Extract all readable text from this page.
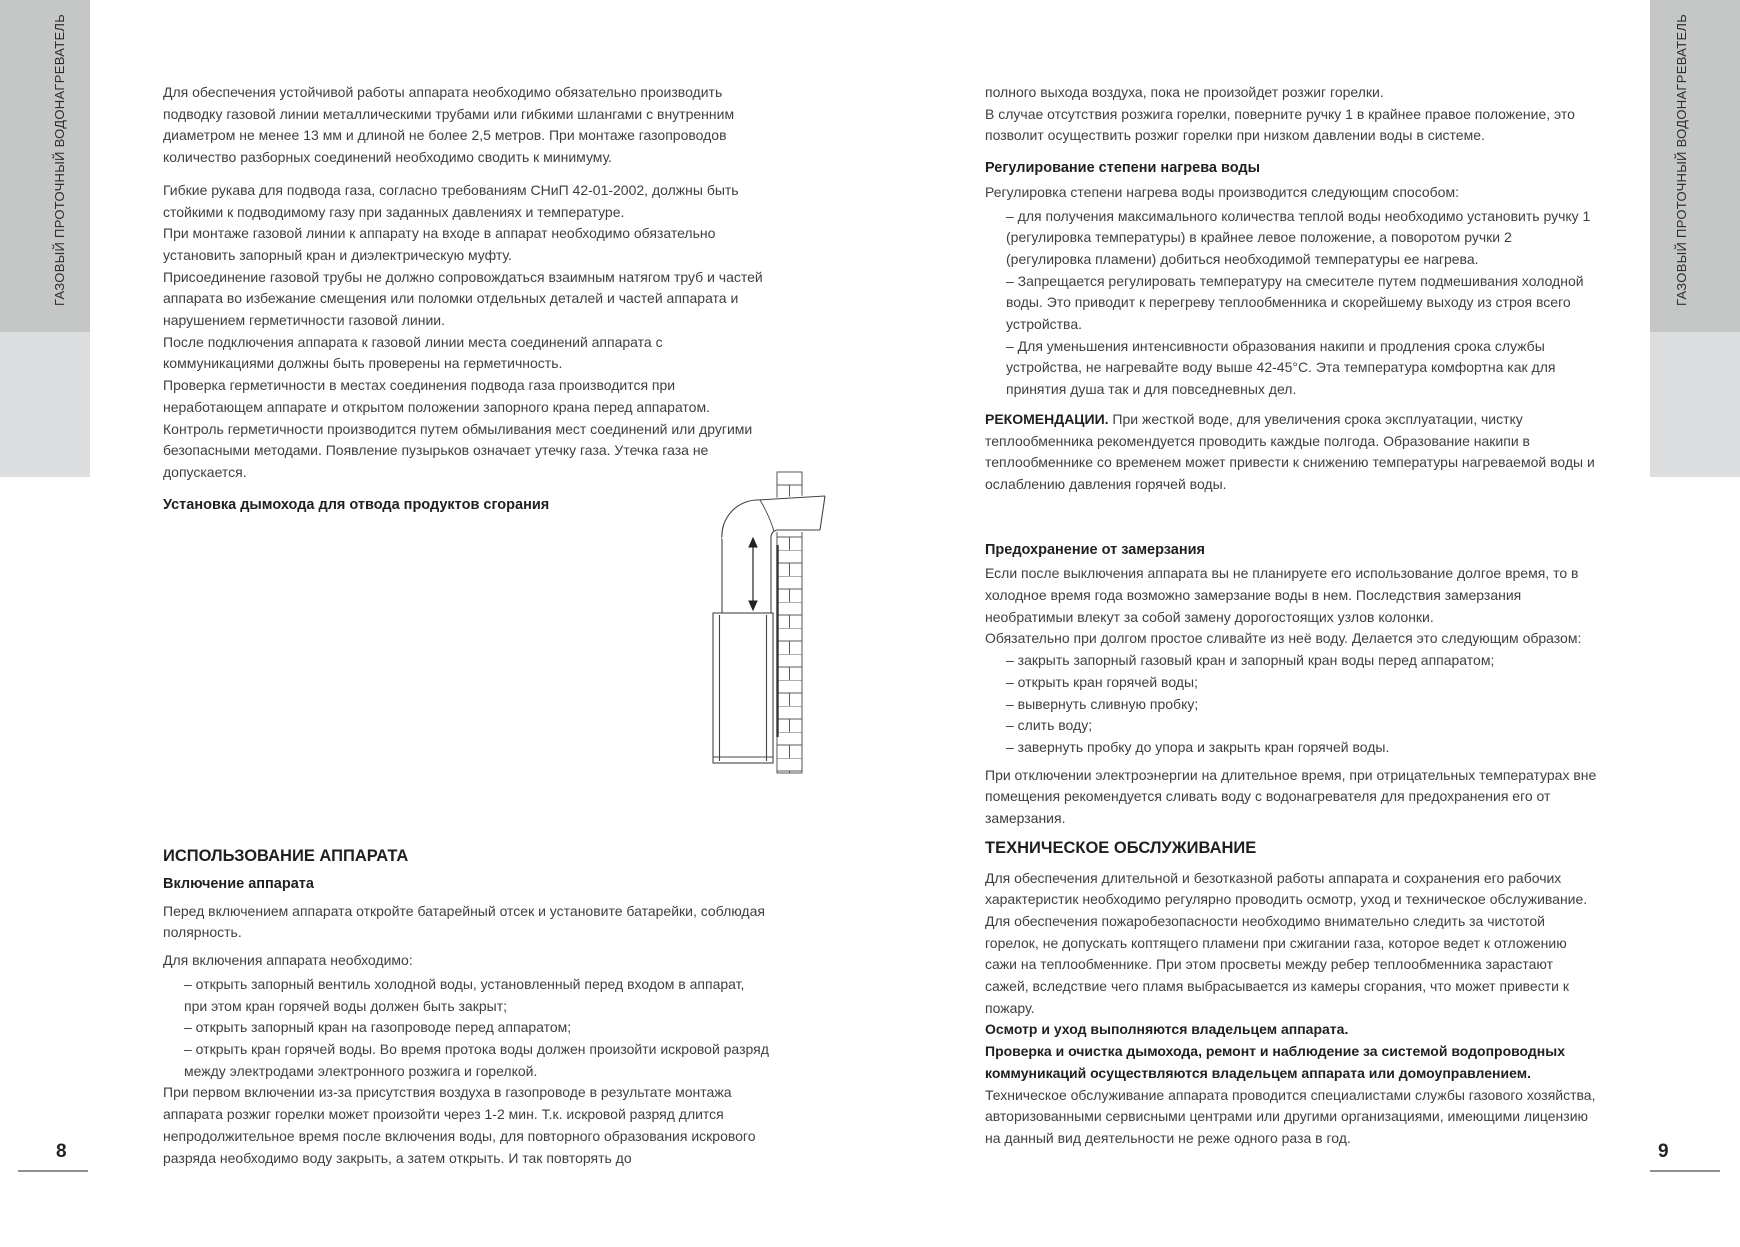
ГАЗОВЫЙ ПРОТОЧНЫЙ ВОДОНАГРЕВАТЕЛЬ	ГАЗОВЫЙ ПРОТОЧНЫЙ ВОДОНАГРЕВАТЕЛЬ

Для обеспечения устойчивой работы аппарата необходимо обязательно производить подводку газовой линии металлическими трубами или гибкими шлангами с внутренним диаметром не менее 13 мм и длиной не более 2,5 метров. При монтаже газопроводов количество разборных соединений необходимо сводить к минимуму.

Гибкие рукава для подвода газа, согласно требованиям СНиП 42-01-2002, должны быть стойкими к подводимому газу при заданных давлениях и температуре.
При монтаже газовой линии к аппарату на входе в аппарат необходимо обязательно установить запорный кран и диэлектрическую муфту.
Присоединение газовой трубы не должно сопровождаться взаимным натягом труб и частей аппарата во избежание смещения или поломки отдельных деталей и частей аппарата и нарушением герметичности газовой линии.
После подключения аппарата к газовой линии места соединений аппарата с коммуникациями должны быть проверены на герметичность.
Проверка герметичности в местах соединения подвода газа производится при неработающем аппарате и открытом положении запорного крана перед аппаратом.
Контроль герметичности производится путем обмыливания мест соединений или другими безопасными методами. Появление пузырьков означает утечку газа. Утечка газа не допускается.
Установка дымохода для отвода продуктов сгорания
ИСПОЛЬЗОВАНИЕ АППАРАТА
Включение аппарата

Перед включением аппарата откройте батарейный отсек и установите батарейки, соблюдая полярность.

Для включения аппарата необходимо:
– открыть запорный вентиль холодной воды, установленный перед входом в аппарат, при этом кран горячей воды должен быть закрыт;
– открыть запорный кран на газопроводе перед аппаратом;
– открыть кран горячей воды. Во время протока воды должен произойти искровой разряд между электродами электронного розжига и горелкой.
При первом включении из-за присутствия воздуха в газопроводе в результате монтажа аппарата розжиг горелки может произойти через 1-2 мин. Т.к. искровой разряд длится непродолжительное время после включения воды, для повторного образования искрового разряда необходимо воду закрыть, а затем открыть. И так повторять до
полного выхода воздуха, пока не произойдет розжиг горелки.
В случае отсутствия розжига горелки, поверните ручку 1 в крайнее правое положение, это позволит осуществить розжиг горелки при низком давлении воды в системе.
Регулирование степени нагрева воды
Регулировка степени нагрева воды производится следующим способом:
– для получения максимального количества теплой воды необходимо установить ручку 1 (регулировка температуры) в крайнее левое положение, а поворотом ручки 2 (регулировка пламени) добиться необходимой температуры ее нагрева.
– Запрещается регулировать температуру на смесителе путем подмешивания холодной воды. Это приводит к перегреву теплообменника и скорейшему выходу из строя всего устройства.
– Для уменьшения интенсивности образования накипи и продления срока службы устройства, не нагревайте воду выше 42-45°С. Эта температура комфортна как для принятия душа так и для повседневных дел.

РЕКОМЕНДАЦИИ. При жесткой воде, для увеличения срока эксплуатации, чистку теплообменника рекомендуется проводить каждые полгода. Образование накипи в теплообменнике со временем может привести к снижению температуры нагреваемой воды и ослаблению давления горячей воды.

Предохранение от замерзания
Если после выключения аппарата вы не планируете его использование долгое время, то в холодное время года возможно замерзание воды в нем. Последствия замерзания необратимыи влекут за собой замену дорогостоящих узлов колонки.
Обязательно при долгом простое сливайте из неё воду. Делается это следующим образом:
– закрыть запорный газовый кран и запорный кран воды перед аппаратом;
– открыть кран горячей воды;
– вывернуть сливную пробку;
– слить воду;
– завернуть пробку до упора и закрыть кран горячей воды.
При отключении электроэнергии на длительное время, при отрицательных температурах вне помещения рекомендуется сливать воду с водонагревателя для предохранения его от замерзания.
ТЕХНИЧЕСКОЕ ОБСЛУЖИВАНИЕ
Для обеспечения длительной и безотказной работы аппарата и сохранения его рабочих характеристик необходимо регулярно проводить осмотр, уход и техническое обслуживание.
Для обеспечения пожаробезопасности необходимо внимательно следить за чистотой горелок, не допускать коптящего пламени при сжигании газа, которое ведет к отложению сажи на теплообменнике. При этом просветы между ребер теплообменника зарастают сажей, вследствие чего пламя выбрасывается из камеры сгорания, что может привести к пожару.
Осмотр и уход выполняются владельцем аппарата.
Проверка и очистка дымохода, ремонт и наблюдение за системой водопроводных коммуникаций осуществляются владельцем аппарата или домоуправлением.
Техническое обслуживание аппарата проводится специалистами службы газового хозяйства, авторизованными сервисными центрами или другими организациями, имеющими лицензию на данный вид деятельности не реже одного раза в год.
8	9
